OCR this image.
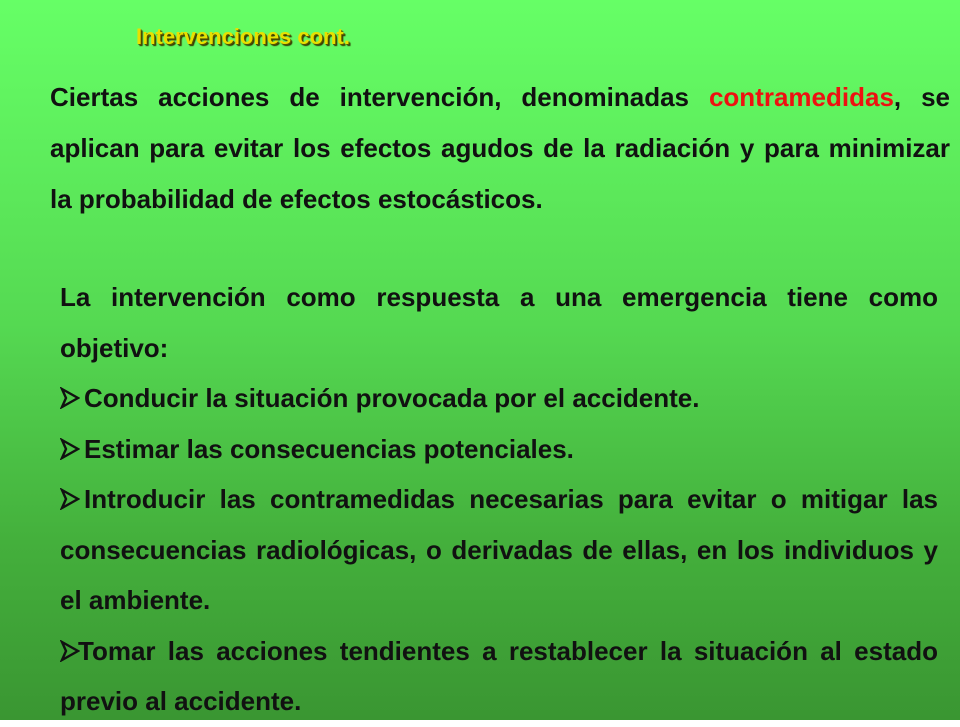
Intervenciones cont.
Ciertas acciones de intervención, denominadas contramedidas, se aplican para evitar los efectos agudos de la radiación y para minimizar la probabilidad de efectos estocásticos.

La intervención como respuesta a una emergencia tiene como objetivo:

Conducir la situación provocada por el accidente.

Estimar las consecuencias potenciales.

Introducir las contramedidas necesarias para evitar o mitigar las consecuencias radiológicas, o derivadas de ellas, en los individuos y el ambiente.

Tomar las acciones tendientes a restablecer la situación al estado previo al accidente.
